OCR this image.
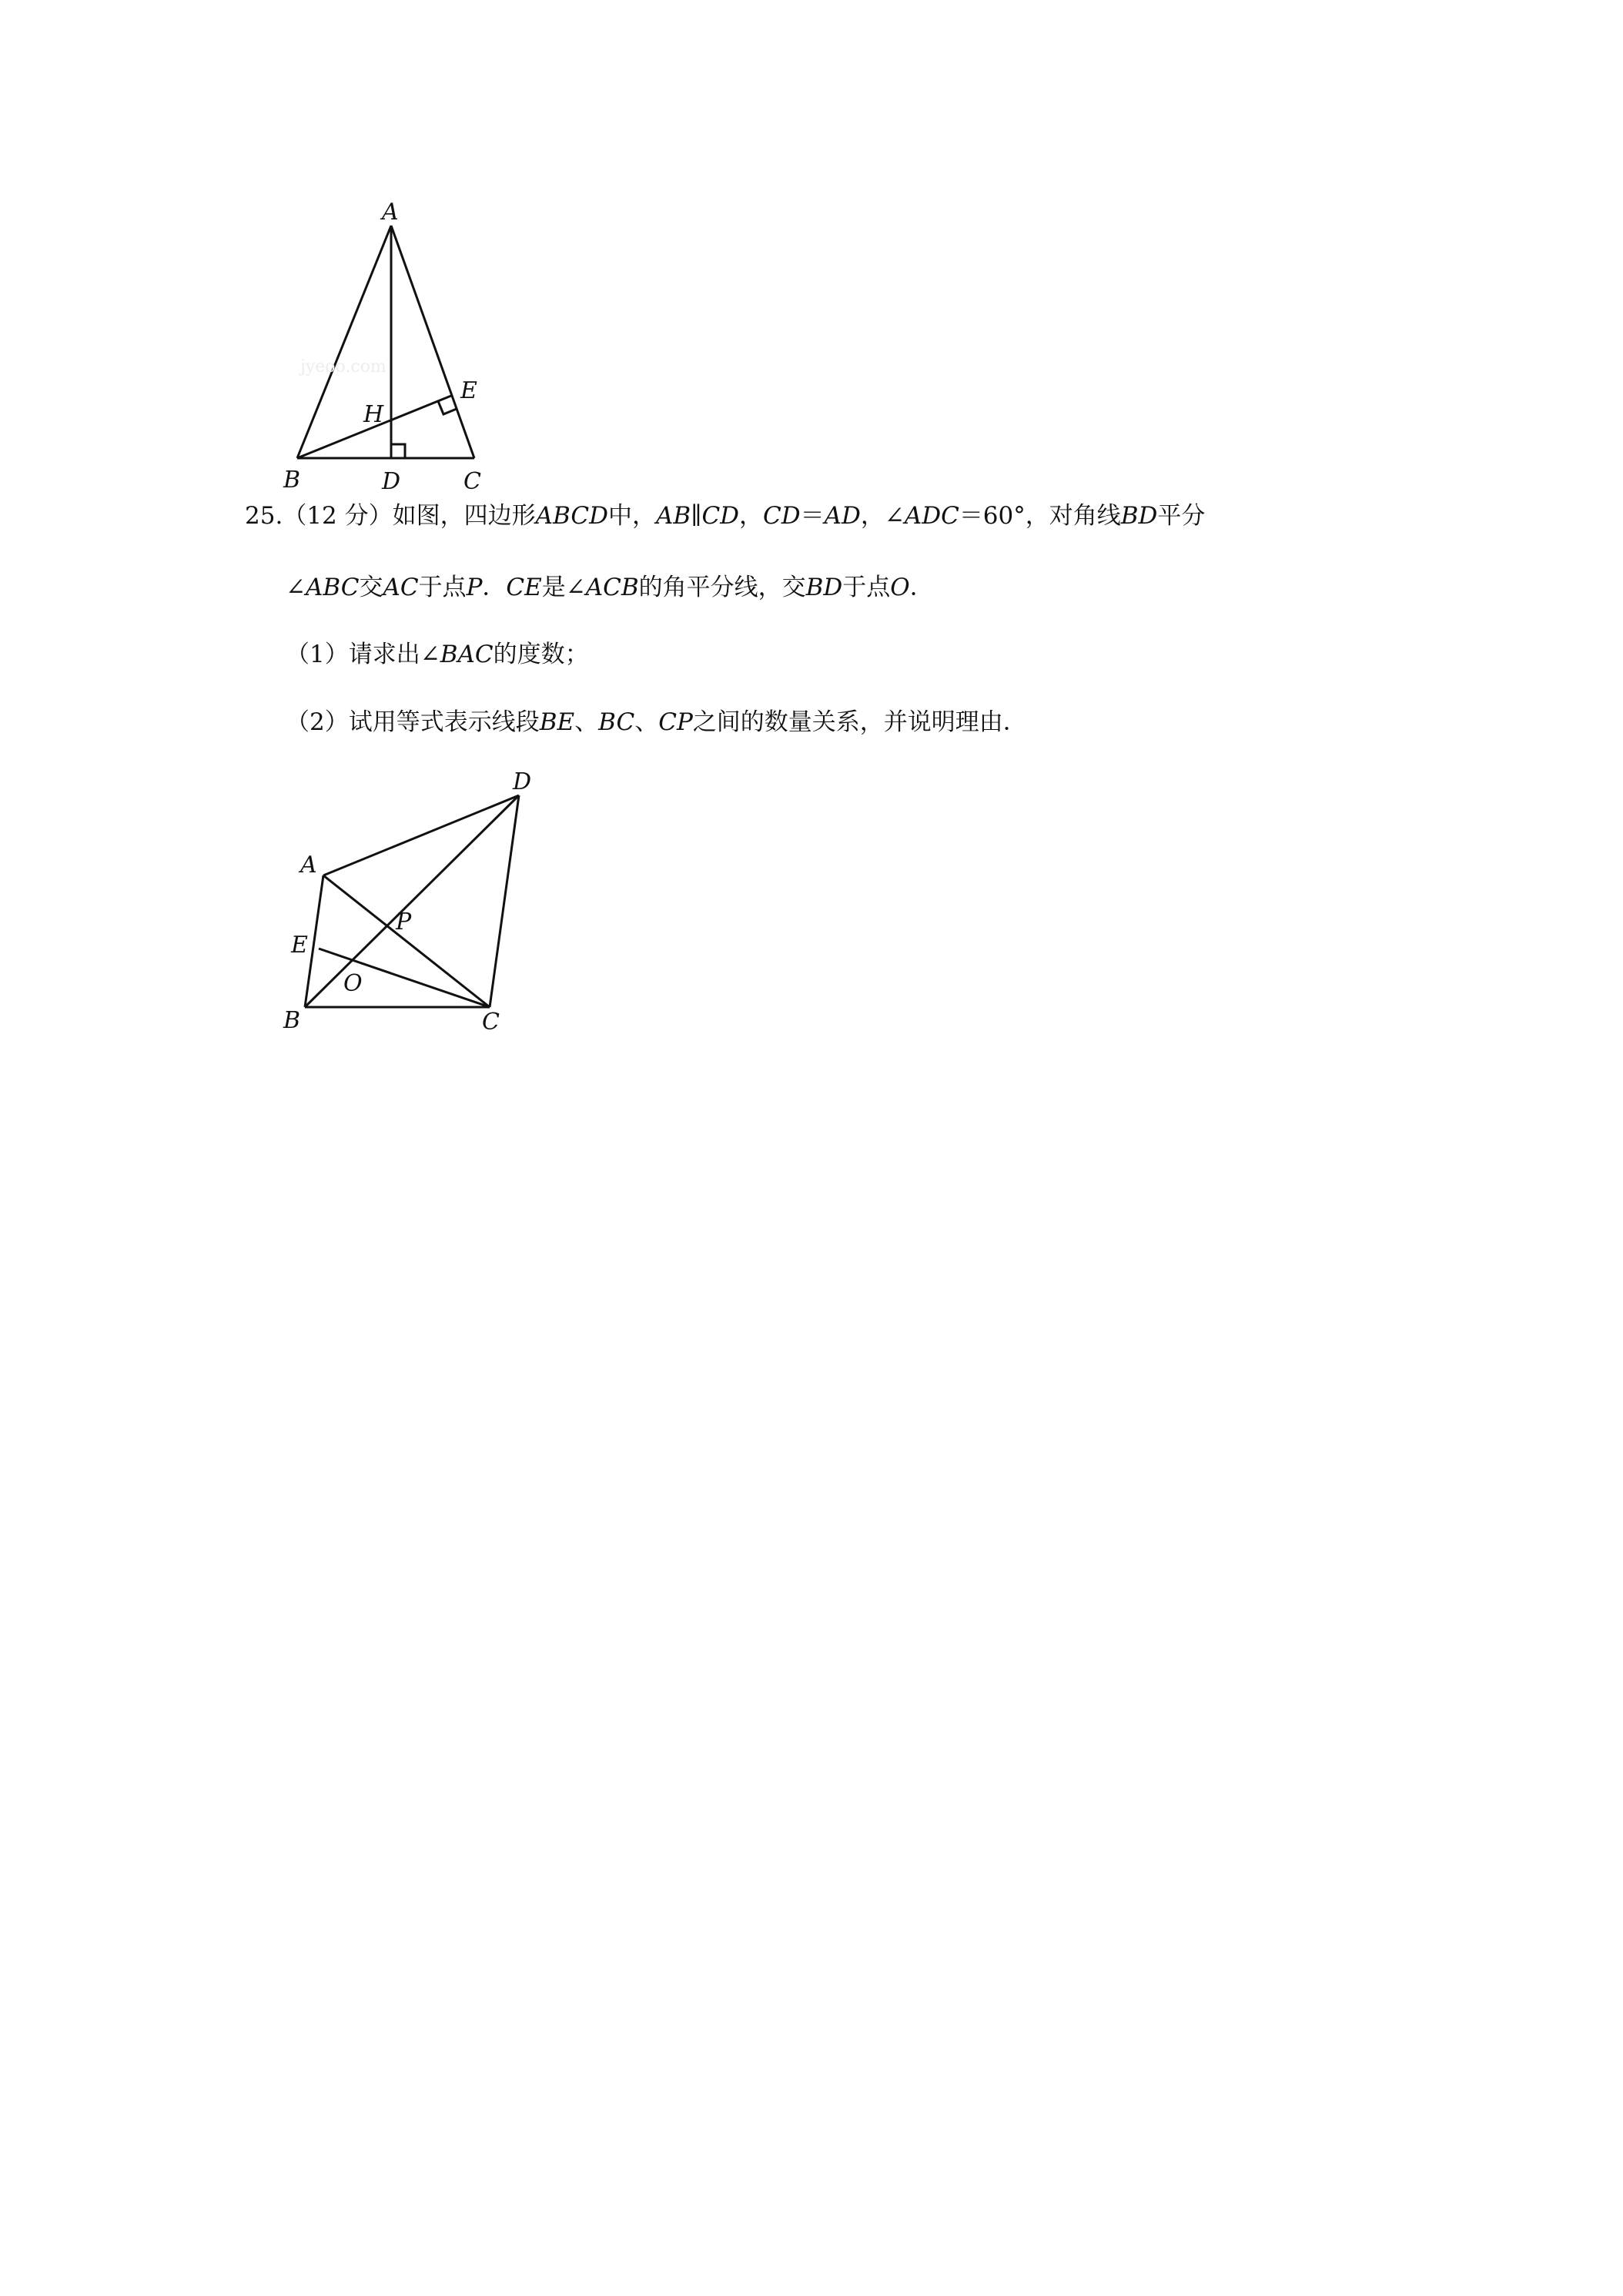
jyeoo.com
A
B	D	C
E
H
25.（12 分）如图，四边形ABCD中，AB∥CD，CD＝AD，∠ADC＝60°，对角线BD平分
∠ABC交AC于点P．CE是∠ACB的角平分线，交BD于点O．
（1）请求出∠BAC的度数；
（2）试用等式表示线段BE、BC、CP之间的数量关系，并说明理由．
D
A
P
E
O
B	C
